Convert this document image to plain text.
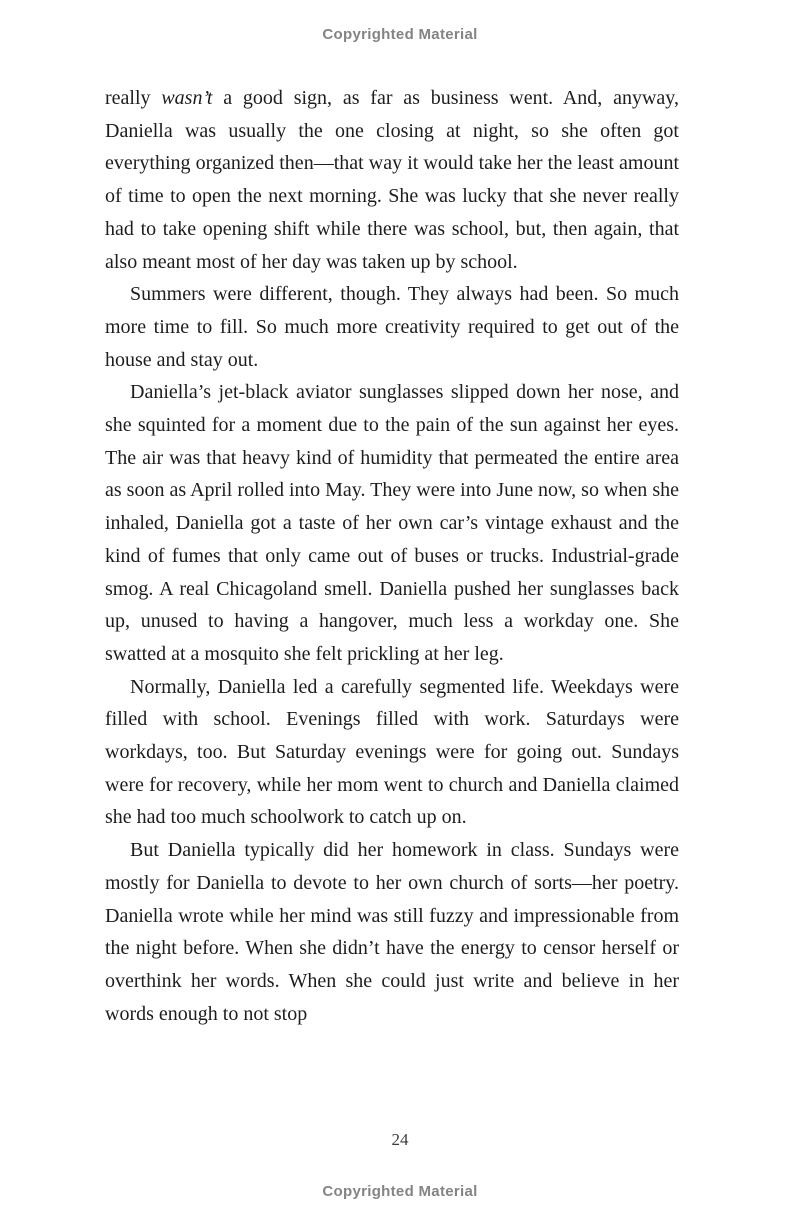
Copyrighted Material

really wasn’t a good sign, as far as business went. And, anyway, Daniella was usually the one closing at night, so she often got everything organized then—that way it would take her the least amount of time to open the next morning. She was lucky that she never really had to take opening shift while there was school, but, then again, that also meant most of her day was taken up by school.

Summers were different, though. They always had been. So much more time to fill. So much more creativity required to get out of the house and stay out.

Daniella’s jet-black aviator sunglasses slipped down her nose, and she squinted for a moment due to the pain of the sun against her eyes. The air was that heavy kind of humidity that permeated the entire area as soon as April rolled into May. They were into June now, so when she inhaled, Daniella got a taste of her own car’s vintage exhaust and the kind of fumes that only came out of buses or trucks. Industrial-grade smog. A real Chicagoland smell. Daniella pushed her sunglasses back up, unused to having a hangover, much less a workday one. She swatted at a mosquito she felt prickling at her leg.

Normally, Daniella led a carefully segmented life. Weekdays were filled with school. Evenings filled with work. Saturdays were workdays, too. But Saturday evenings were for going out. Sundays were for recovery, while her mom went to church and Daniella claimed she had too much schoolwork to catch up on.

But Daniella typically did her homework in class. Sundays were mostly for Daniella to devote to her own church of sorts—her poetry. Daniella wrote while her mind was still fuzzy and impressionable from the night before. When she didn’t have the energy to censor herself or overthink her words. When she could just write and believe in her words enough to not stop

24
Copyrighted Material
